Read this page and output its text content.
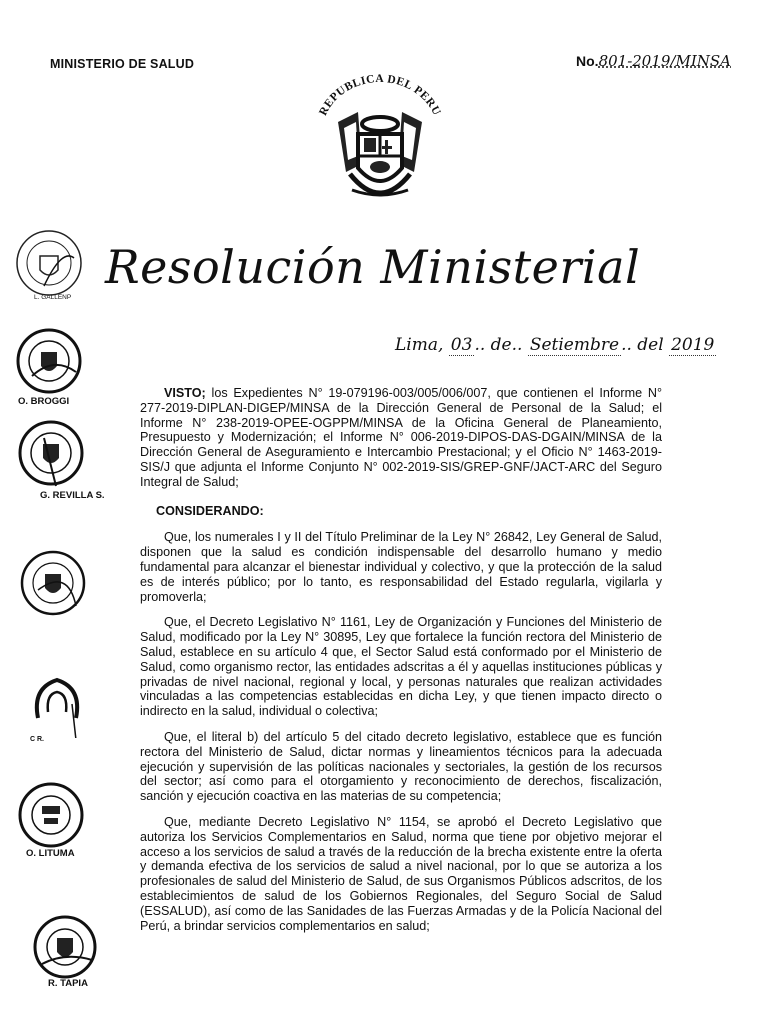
MINISTERIO DE SALUD	No.801-2019/MINSA
REPUBLICA DEL PERU
Resolución Ministerial
Lima, 03 .. de.. Setiembre .. del 2019

VISTO; los Expedientes N° 19-079196-003/005/006/007, que contienen el Informe N° 277-2019-DIPLAN-DIGEP/MINSA de la Dirección General de Personal de la Salud; el Informe N° 238-2019-OPEE-OGPPM/MINSA de la Oficina General de Planeamiento, Presupuesto y Modernización; el Informe N° 006-2019-DIPOS-DAS-DGAIN/MINSA de la Dirección General de Aseguramiento e Intercambio Prestacional; y el Oficio N° 1463-2019-SIS/J que adjunta el Informe Conjunto N° 002-2019-SIS/GREP-GNF/JACT-ARC del Seguro Integral de Salud;

CONSIDERANDO:

Que, los numerales I y II del Título Preliminar de la Ley N° 26842, Ley General de Salud, disponen que la salud es condición indispensable del desarrollo humano y medio fundamental para alcanzar el bienestar individual y colectivo, y que la protección de la salud es de interés público; por lo tanto, es responsabilidad del Estado regularla, vigilarla y promoverla;

Que, el Decreto Legislativo N° 1161, Ley de Organización y Funciones del Ministerio de Salud, modificado por la Ley N° 30895, Ley que fortalece la función rectora del Ministerio de Salud, establece en su artículo 4 que, el Sector Salud está conformado por el Ministerio de Salud, como organismo rector, las entidades adscritas a él y aquellas instituciones públicas y privadas de nivel nacional, regional y local, y personas naturales que realizan actividades vinculadas a las competencias establecidas en dicha Ley, y que tienen impacto directo o indirecto en la salud, individual o colectiva;

Que, el literal b) del artículo 5 del citado decreto legislativo, establece que es función rectora del Ministerio de Salud, dictar normas y lineamientos técnicos para la adecuada ejecución y supervisión de las políticas nacionales y sectoriales, la gestión de los recursos del sector; así como para el otorgamiento y reconocimiento de derechos, fiscalización, sanción y ejecución coactiva en las materias de su competencia;

Que, mediante Decreto Legislativo N° 1154, se aprobó el Decreto Legislativo que autoriza los Servicios Complementarios en Salud, norma que tiene por objetivo mejorar el acceso a los servicios de salud a través de la reducción de la brecha existente entre la oferta y demanda efectiva de los servicios de salud a nivel nacional, por lo que se autoriza a los profesionales de salud del Ministerio de Salud, de sus Organismos Públicos adscritos, de los establecimientos de salud de los Gobiernos Regionales, del Seguro Social de Salud (ESSALUD), así como de las Sanidades de las Fuerzas Armadas y de la Policía Nacional del Perú, a brindar servicios complementarios en salud;

L. GALLENP
O. BROGGI
G. REVILLA S.
C R.
O. LITUMA
R. TAPIA
